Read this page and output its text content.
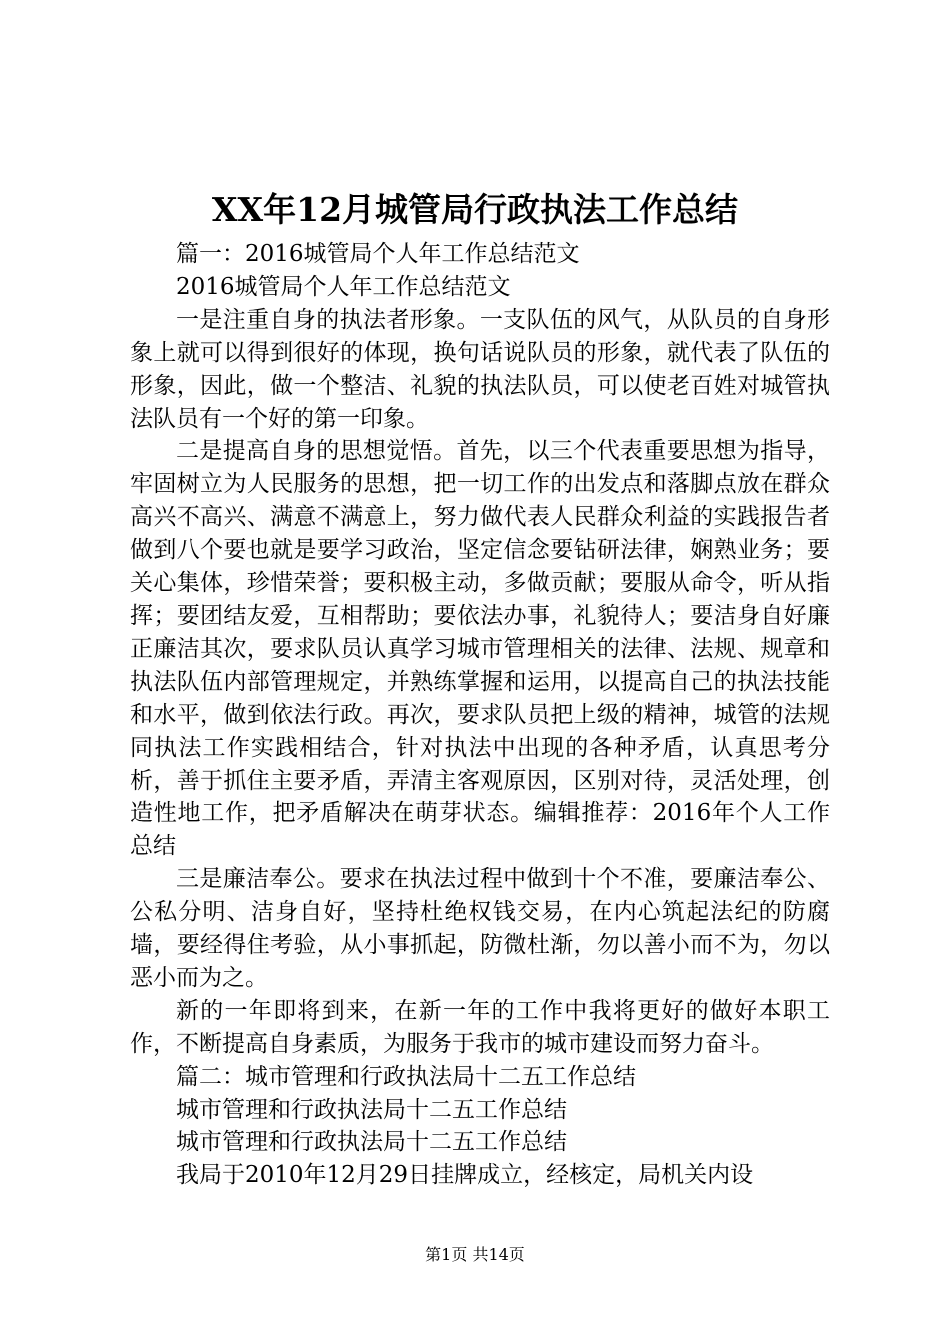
XX年12月城管局行政执法工作总结

篇一：2016城管局个人年工作总结范文

2016城管局个人年工作总结范文

一是注重自身的执法者形象。一支队伍的风气，从队员的自身形象上就可以得到很好的体现，换句话说队员的形象，就代表了队伍的形象，因此，做一个整洁、礼貌的执法队员，可以使老百姓对城管执法队员有一个好的第一印象。

二是提高自身的思想觉悟。首先，以三个代表重要思想为指导，牢固树立为人民服务的思想，把一切工作的出发点和落脚点放在群众高兴不高兴、满意不满意上，努力做代表人民群众利益的实践报告者做到八个要也就是要学习政治，坚定信念要钻研法律，娴熟业务；要关心集体，珍惜荣誉；要积极主动，多做贡献；要服从命令，听从指挥；要团结友爱，互相帮助；要依法办事，礼貌待人；要洁身自好廉正廉洁其次，要求队员认真学习城市管理相关的法律、法规、规章和执法队伍内部管理规定，并熟练掌握和运用，以提高自己的执法技能和水平，做到依法行政。再次，要求队员把上级的精神，城管的法规同执法工作实践相结合，针对执法中出现的各种矛盾，认真思考分析，善于抓住主要矛盾，弄清主客观原因，区别对待，灵活处理，创造性地工作，把矛盾解决在萌芽状态。编辑推荐：2016年个人工作总结

三是廉洁奉公。要求在执法过程中做到十个不准，要廉洁奉公、公私分明、洁身自好，坚持杜绝权钱交易，在内心筑起法纪的防腐墙，要经得住考验，从小事抓起，防微杜渐，勿以善小而不为，勿以恶小而为之。

新的一年即将到来，在新一年的工作中我将更好的做好本职工作，不断提高自身素质，为服务于我市的城市建设而努力奋斗。

篇二：城市管理和行政执法局十二五工作总结

城市管理和行政执法局十二五工作总结

城市管理和行政执法局十二五工作总结

我局于2010年12月29日挂牌成立，经核定，局机关内设

第1页 共14页
